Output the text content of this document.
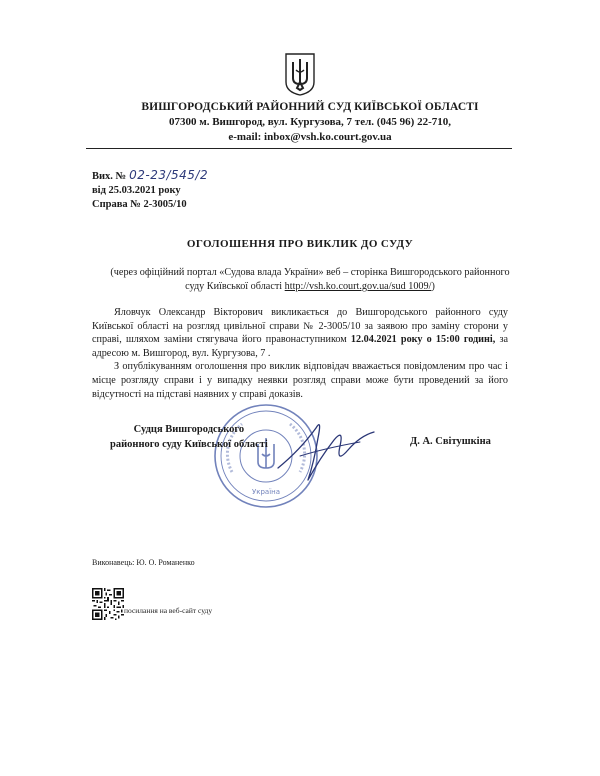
ВИШГОРОДСЬКИЙ РАЙОННИЙ СУД КИЇВСЬКОЇ ОБЛАСТІ
07300 м. Вишгород, вул. Кургузова, 7 тел. (045 96) 22-710,
e-mail: inbox@vsh.ko.court.gov.ua
Вих. № 02-23/545/2
від 25.03.2021 року
Справа № 2-3005/10
ОГОЛОШЕННЯ ПРО ВИКЛИК ДО СУДУ
(через офіційний портал «Судова влада України» веб – сторінка Вишгородського районного суду Київської області http://vsh.ko.court.gov.ua/sud 1009/)

Яловчук Олександр Вікторович викликається до Вишгородського районного суду Київської області на розгляд цивільної справи № 2-3005/10 за заявою про заміну сторони у справі, шляхом заміни стягувача його правонаступником 12.04.2021 року о 15:00 годині, за адресою м. Вишгород, вул. Кургузова, 7 .

З опублікуванням оголошення про виклик відповідач вважається повідомленим про час і місце розгляду справи і у випадку неявки розгляд справи може бути проведений за його відсутності на підставі наявних у справі доказів.

Україна
Судця Вишгородського
районного суду Київської області	Д. А. Світушкіна
Виконавець: Ю. О. Романенко
посилання на веб-сайт суду
